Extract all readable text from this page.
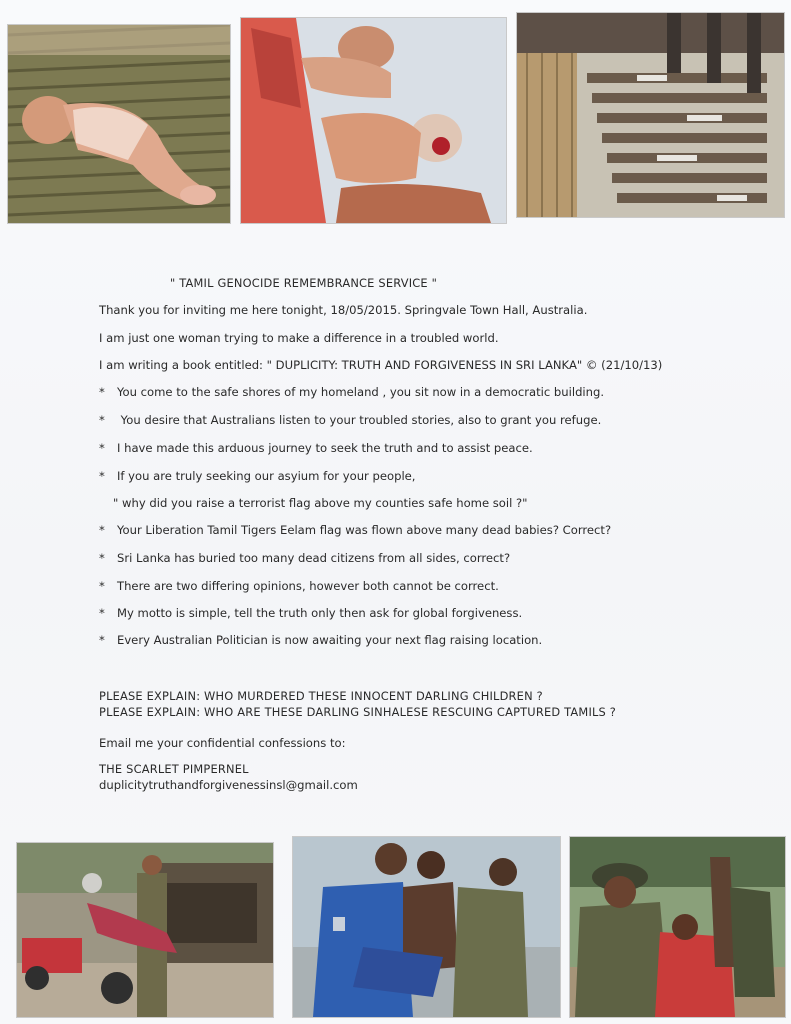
" TAMIL GENOCIDE REMEMBRANCE SERVICE "
Thank you for inviting me here tonight, 18/05/2015. Springvale Town Hall, Australia.
I am just one woman trying to make a difference in a troubled world.
I am writing a book entitled: " DUPLICITY: TRUTH AND FORGIVENESS IN SRI LANKA" © (21/10/13)
* You come to the safe shores of my homeland , you sit now in a democratic building.
* You desire that Australians listen to your troubled stories, also to grant you refuge.
* I have made this arduous journey to seek the truth and to assist peace.
* If you are truly seeking our asyium for your people,
" why did you raise a terrorist flag above my counties safe home soil ?"
* Your Liberation Tamil Tigers Eelam flag was flown above many dead babies? Correct?
* Sri Lanka has buried too many dead citizens from all sides, correct?
* There are two differing opinions, however both cannot be correct.
* My motto is simple, tell the truth only then ask for global forgiveness.
* Every Australian Politician is now awaiting your next flag raising location.
PLEASE EXPLAIN: WHO MURDERED THESE INNOCENT DARLING CHILDREN ?
PLEASE EXPLAIN: WHO ARE THESE DARLING SINHALESE RESCUING CAPTURED TAMILS ?
Email me your confidential confessions to:
THE SCARLET PIMPERNEL
duplicitytruthandforgivenessinsl@gmail.com
